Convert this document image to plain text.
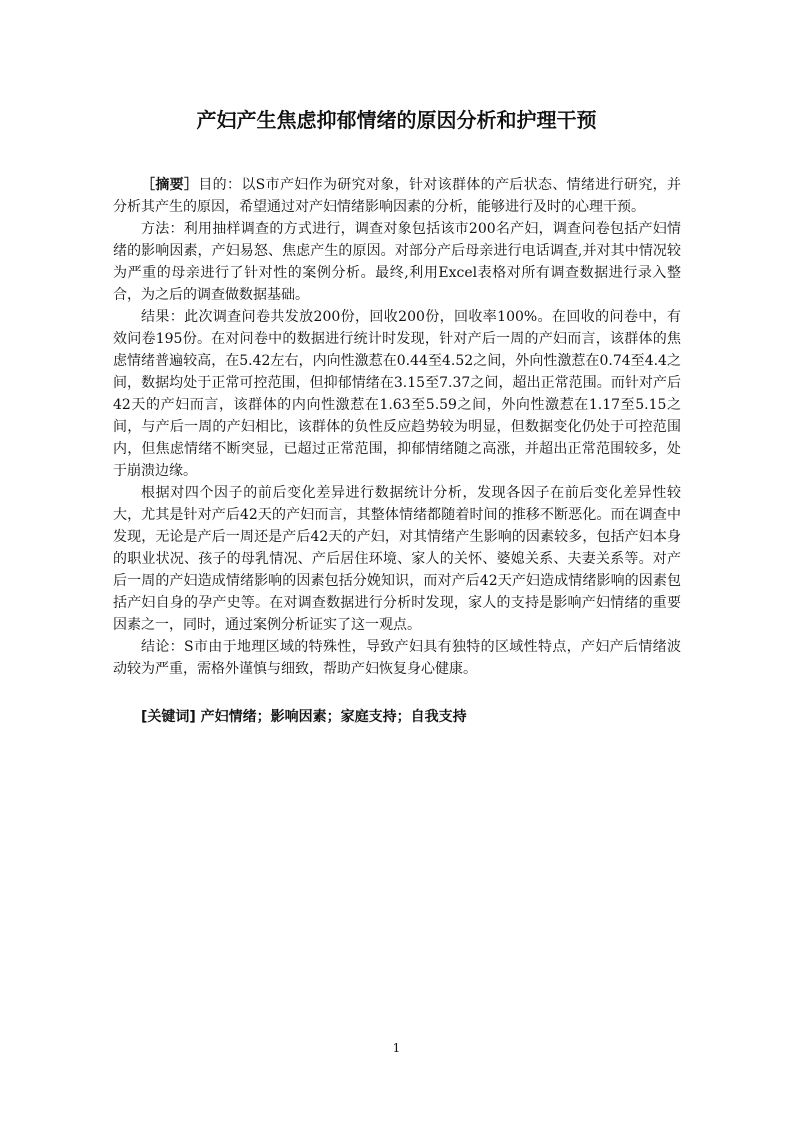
产妇产生焦虑抑郁情绪的原因分析和护理干预

［摘要］目的：以S市产妇作为研究对象，针对该群体的产后状态、情绪进行研究，并分析其产生的原因，希望通过对产妇情绪影响因素的分析，能够进行及时的心理干预。

方法：利用抽样调查的方式进行，调查对象包括该市200名产妇，调查问卷包括产妇情绪的影响因素，产妇易怒、焦虑产生的原因。对部分产后母亲进行电话调查,并对其中情况较为严重的母亲进行了针对性的案例分析。最终,利用Excel表格对所有调查数据进行录入整合，为之后的调查做数据基础。

结果：此次调查问卷共发放200份，回收200份，回收率100%。在回收的问卷中，有效问卷195份。在对问卷中的数据进行统计时发现，针对产后一周的产妇而言，该群体的焦虑情绪普遍较高，在5.42左右，内向性激惹在0.44至4.52之间，外向性激惹在0.74至4.4之间，数据均处于正常可控范围，但抑郁情绪在3.15至7.37之间，超出正常范围。而针对产后42天的产妇而言，该群体的内向性激惹在1.63至5.59之间，外向性激惹在1.17至5.15之间，与产后一周的产妇相比，该群体的负性反应趋势较为明显，但数据变化仍处于可控范围内，但焦虑情绪不断突显，已超过正常范围，抑郁情绪随之高涨，并超出正常范围较多，处于崩溃边缘。

根据对四个因子的前后变化差异进行数据统计分析，发现各因子在前后变化差异性较大，尤其是针对产后42天的产妇而言，其整体情绪都随着时间的推移不断恶化。而在调查中发现，无论是产后一周还是产后42天的产妇，对其情绪产生影响的因素较多，包括产妇本身的职业状况、孩子的母乳情况、产后居住环境、家人的关怀、婆媳关系、夫妻关系等。对产后一周的产妇造成情绪影响的因素包括分娩知识，而对产后42天产妇造成情绪影响的因素包括产妇自身的孕产史等。在对调查数据进行分析时发现，家人的支持是影响产妇情绪的重要因素之一，同时，通过案例分析证实了这一观点。

结论：S市由于地理区域的特殊性，导致产妇具有独特的区域性特点，产妇产后情绪波动较为严重，需格外谨慎与细致，帮助产妇恢复身心健康。

[关键词] 产妇情绪；影响因素；家庭支持；自我支持

1
